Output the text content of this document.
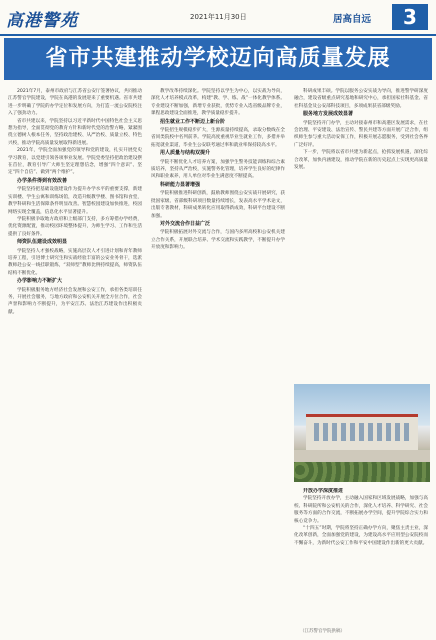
高港警苑	2021年11月30日	居高自远	3
省市共建推动学校迈向高质量发展

2021年7月，泰州市政府与江苏省公安厅签署协议，共同推动江苏警官学院建设，学院在高港的发展迎来了重要机遇。省市共建进一步明确了学院的办学定位和发展方向，为打造一流公安院校注入了强劲动力。

省市共建以来，学院坚持以习近平新时代中国特色社会主义思想为指导，全面贯彻党的教育方针和新时代党的治警方略，紧紧围绕立德树人根本任务，坚持政治建校、从严治校、质量立校、特色兴校，推动学院高质量发展取得新进展。

2021年，学院全面加强党的领导和党的建设，扎实开展党史学习教育，以党建引领各项事业发展。学院党委坚持把政治建设摆在首位，教育引导广大师生坚定理想信念，增强“四个意识”、坚定“四个自信”、做到“两个维护”。

办学条件得到有效改善

学院坚持把基础设施建设作为提升办学水平的重要支撑，新建实训楼、学生公寓和训练场馆，改造升级教学楼、图书馆和食堂，教学科研和生活保障条件明显改善。智慧校园建设加快推进，校园网络实现全覆盖，信息化水平显著提升。

学院积极争取地方政府和上级部门支持，多方筹措办学经费，优化资源配置，推动校园环境整体提升，为师生学习、工作和生活提供了良好条件。

师资队伍建设成效明显

学院坚持人才强校战略，实施高层次人才引进计划和青年教师培养工程，引进博士研究生和实战经验丰富的公安业务骨干，选派教师赴公安一线挂职锻炼，“双师型”教师比例持续提高，师资队伍结构不断优化。

办学影响力不断扩大

学院积极服务地方经济社会发展和公安工作，承担各类培训任务，开展社会服务，与地方政府和公安机关开展全方位合作，社会声誉和影响力不断提升，为平安江苏、法治江苏建设作出积极贡献。

教学改革持续深化。学院坚持以学生为中心，以实战为导向，深化人才培养模式改革，构建“教、学、练、战”一体化教学体系。专业建设不断加强，新增专业获批，优势专业入选省级品牌专业，课程思政建设全面推进，教学质量稳步提升。

招生就业工作不断迈上新台阶

学院招生规模稳步扩大，生源质量持续提高，录取分数线在全省同类院校中名列前茅。学院高度重视毕业生就业工作，多措并举拓宽就业渠道，毕业生公安联考通过率和就业率保持较高水平。

用人质量与结构双提升

学院不断优化人才培养方案，加强学生警务技能训练和综合素质培养，坚持从严治校，实施警务化管理，培养学生良好的纪律作风和职业素养，用人单位对毕业生满意度不断提高。

科研能力显著增强

学院积极推进科研创新，鼓励教师围绕公安实战开展研究，获批国家级、省部级科研项目数量持续增长，发表高水平学术论文，出版专著教材，科研成果转化应用取得新成效，科研平台建设不断加强。

对外交流合作日益广泛

学院积极拓展对外交流与合作，与国内多所高校和公安机关建立合作关系，开展联合培养、学术交流和实践教学，不断提升办学开放度和影响力。

科研成果丰硕。学院以服务公安实战为导向，推进警学研深度融合，建设省级重点研究基地和研究中心，承担国家社科基金、省社科基金及公安部科技项目，多项成果获省部级奖励。

服务地方发展成效显著

学院坚持开门办学，主动对接泰州市和高港区发展需求，在社会治理、平安建设、法治宣传、警民共建等方面开展广泛合作，组织师生参与重大活动安保工作，积极开展志愿服务，受到社会各界广泛好评。

下一步，学院将以省市共建为新起点，抢抓发展机遇，深化综合改革，加快内涵建设，推动学院在新的历史起点上实现更高质量发展。

开放办学深度推进

学院坚持开放办学，主动融入国家和区域发展战略，加强与高校、科研院所和公安机关的合作，深化人才培养、科学研究、社会服务等方面的合作交流，不断拓展办学空间，提升学院综合实力和核心竞争力。

“十四五”时期，学院将坚持正确办学方向，聚焦主责主业，深化改革创新，全面加强党的建设，为建设高水平应用型公安院校而不懈奋斗，为新时代公安工作和平安中国建设作出新的更大贡献。

（江苏警官学院供稿）
